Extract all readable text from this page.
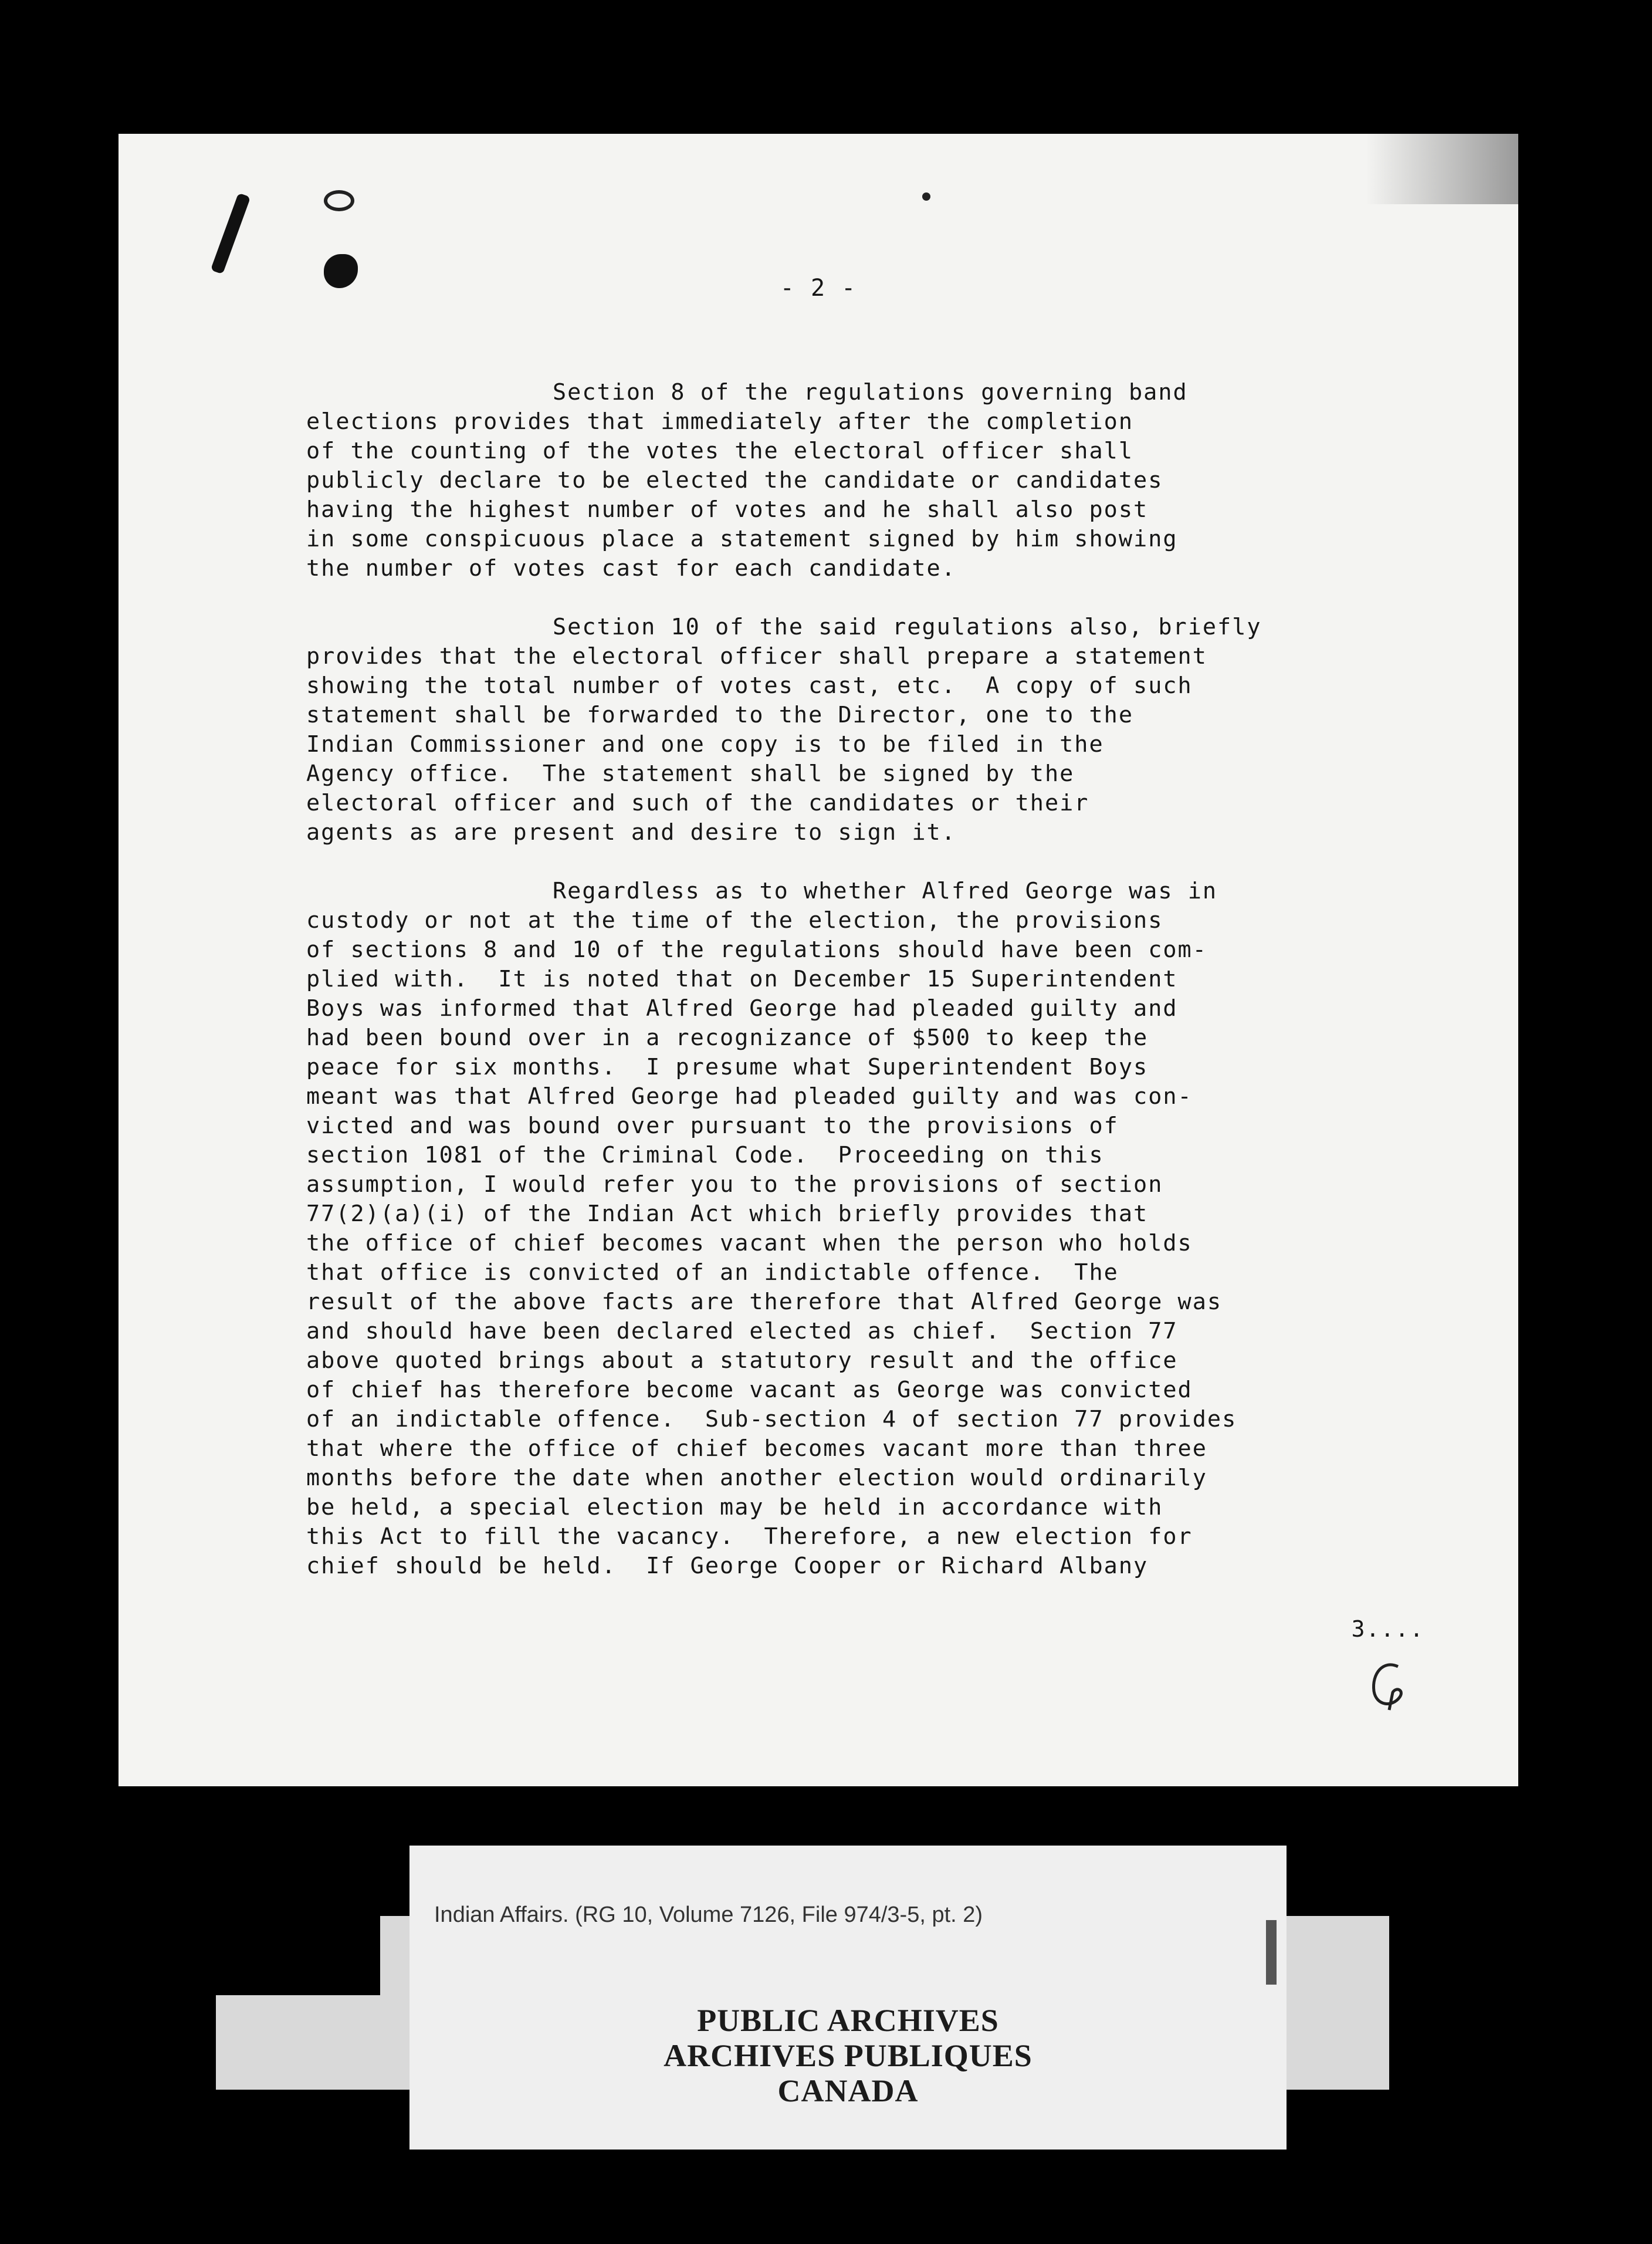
- 2 -

Section 8 of the regulations governing band

elections provides that immediately after the completion

of the counting of the votes the electoral officer shall

publicly declare to be elected the candidate or candidates

having the highest number of votes and he shall also post

in some conspicuous place a statement signed by him showing

the number of votes cast for each candidate.

Section 10 of the said regulations also, briefly

provides that the electoral officer shall prepare a statement

showing the total number of votes cast, etc.  A copy of such

statement shall be forwarded to the Director, one to the

Indian Commissioner and one copy is to be filed in the

Agency office.  The statement shall be signed by the

electoral officer and such of the candidates or their

agents as are present and desire to sign it.

Regardless as to whether Alfred George was in

custody or not at the time of the election, the provisions

of sections 8 and 10 of the regulations should have been com-

plied with.  It is noted that on December 15 Superintendent

Boys was informed that Alfred George had pleaded guilty and

had been bound over in a recognizance of $500 to keep the

peace for six months.  I presume what Superintendent Boys

meant was that Alfred George had pleaded guilty and was con-

victed and was bound over pursuant to the provisions of

section 1081 of the Criminal Code.  Proceeding on this

assumption, I would refer you to the provisions of section

77(2)(a)(i) of the Indian Act which briefly provides that

the office of chief becomes vacant when the person who holds

that office is convicted of an indictable offence.  The

result of the above facts are therefore that Alfred George was

and should have been declared elected as chief.  Section 77

above quoted brings about a statutory result and the office

of chief has therefore become vacant as George was convicted

of an indictable offence.  Sub-section 4 of section 77 provides

that where the office of chief becomes vacant more than three

months before the date when another election would ordinarily

be held, a special election may be held in accordance with

this Act to fill the vacancy.  Therefore, a new election for

chief should be held.  If George Cooper or Richard Albany

3....
Indian Affairs. (RG 10, Volume 7126, File 974/3-5, pt. 2)
PUBLIC ARCHIVES
ARCHIVES PUBLIQUES
CANADA
